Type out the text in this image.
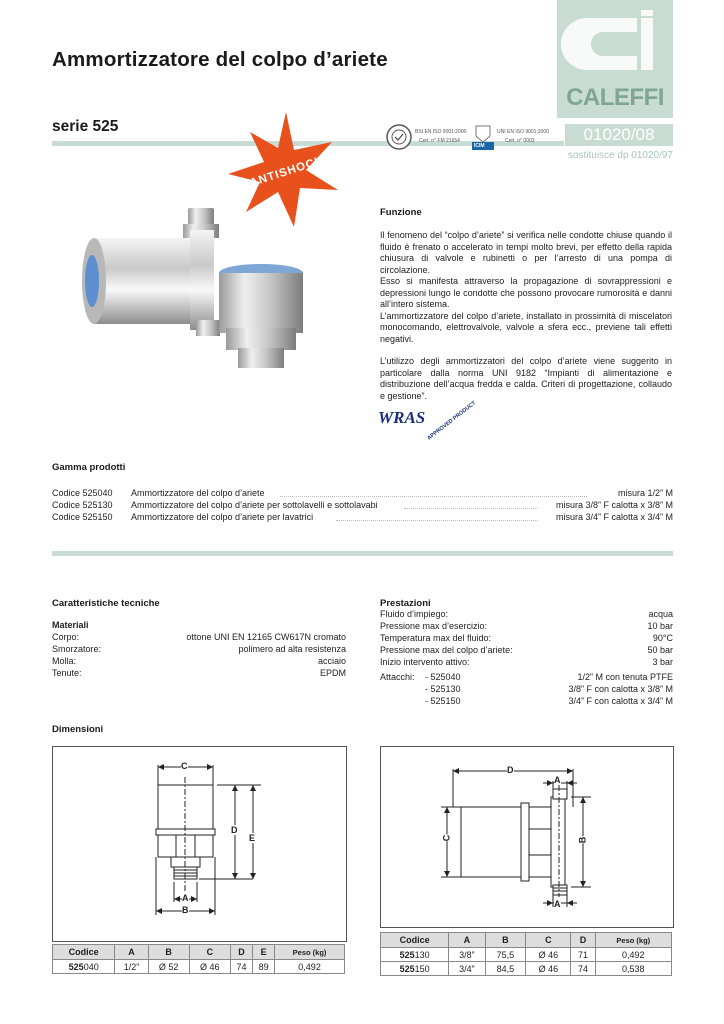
Ammortizzatore del colpo d’ariete
serie 525
CALEFFI
01020/08
sostituisce dp 01020/97
BSI EN ISO 9001:2000
Cert. n° FM 21654
ICIM
UNI EN ISO 9001:2000
Cert. n° 0003
ANTISHOCK
Funzione

Il fenomeno del “colpo d’ariete” si verifica nelle condotte chiuse quando il fluido è frenato o accelerato in tempi molto brevi, per effetto della rapida chiusura di valvole e rubinetti o per l’arresto di una pompa di circolazione.

Esso si manifesta attraverso la propagazione di sovrappressioni e depressioni lungo le condotte che possono provocare rumorosità e danni all’intero sistema.

L’ammortizzatore del colpo d’ariete, installato in prossimità di miscelatori monocomando, elettrovalvole, valvole a sfera ecc., previene tali effetti negativi.

L’utilizzo degli ammortizzatori del colpo d’ariete viene suggerito in particolare dalla norma UNI 9182 “Impianti di alimentazione e distribuzione dell’acqua fredda e calda. Criteri di progettazione, collaudo e gestione”.

WRAS APPROVED PRODUCT
Gamma prodotti
Codice 525040 Ammortizzatore del colpo d’ariete	misura 1/2” M
Codice 525130 Ammortizzatore del colpo d’ariete per sottolavelli e sottolavabi	misura 3/8” F calotta x 3/8” M
Codice 525150 Ammortizzatore del colpo d’ariete per lavatrici	misura 3/4” F calotta x 3/4” M
Caratteristiche tecniche
Materiali
Corpo:	ottone UNI EN 12165 CW617N cromato
Smorzatore:	polimero ad alta resistenza
Molla:	acciaio
Tenute:	EPDM
Prestazioni
Fluido d’impiego:	acqua
Pressione max d’esercizio:	10 bar
Temperatura max del fluido:	90°C
Pressione max del colpo d’ariete:	50 bar
Inizio intervento attivo:	3 bar
Attacchi: - 525040	1/2” M con tenuta PTFE
- 525130	3/8” F con calotta x 3/8” M
- 525150	3/4” F con calotta x 3/4” M
Dimensioni
C
D
E
A
B
Codice	A	B	C	D	E	Peso (kg)
525040	1/2”	Ø 52	Ø 46	74	89	0,492
D
A
C	B
A
Codice	A	B	C	D	Peso (kg)
525130	3/8”	75,5	Ø 46	71	0,492
525150	3/4”	84,5	Ø 46	74	0,538
